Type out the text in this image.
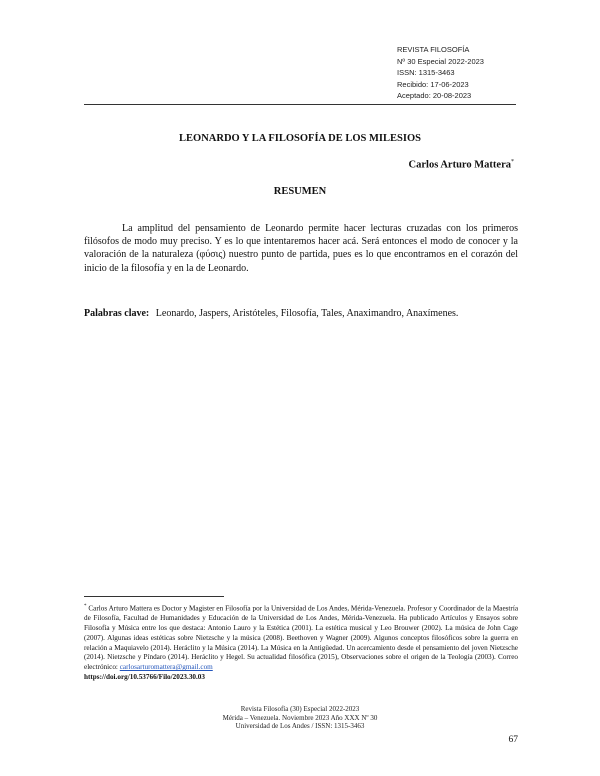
REVISTA FILOSOFÍA
Nº 30 Especial 2022-2023
ISSN: 1315-3463
Recibido: 17-06-2023
Aceptado: 20-08-2023
LEONARDO Y LA FILOSOFÍA DE LOS MILESIOS
Carlos Arturo Mattera*
RESUMEN

La amplitud del pensamiento de Leonardo permite hacer lecturas cruzadas con los primeros filósofos de modo muy preciso. Y es lo que intentaremos hacer acá. Será entonces el modo de conocer y la valoración de la naturaleza (φύσις) nuestro punto de partida, pues es lo que encontramos en el corazón del inicio de la filosofía y en la de Leonardo.

Palabras clave: Leonardo, Jaspers, Aristóteles, Filosofía, Tales, Anaximandro, Anaxímenes.

* Carlos Arturo Mattera es Doctor y Magister en Filosofía por la Universidad de Los Andes, Mérida-Venezuela. Profesor y Coordinador de la Maestría de Filosofía, Facultad de Humanidades y Educación de la Universidad de Los Andes, Mérida-Venezuela. Ha publicado Artículos y Ensayos sobre Filosofía y Música entre los que destaca: Antonio Lauro y la Estética (2001). La estética musical y Leo Brouwer (2002). La música de John Cage (2007). Algunas ideas estéticas sobre Nietzsche y la música (2008). Beethoven y Wagner (2009). Algunos conceptos filosóficos sobre la guerra en relación a Maquiavelo (2014). Heráclito y la Música (2014). La Música en la Antigüedad. Un acercamiento desde el pensamiento del joven Nietzsche (2014). Nietzsche y Píndaro (2014). Heráclito y Hegel. Su actualidad filosófica (2015), Observaciones sobre el origen de la Teología (2003). Correo electrónico: carlosarturomattera@gmail.com
https://doi.org/10.53766/Filo/2023.30.03

Revista Filosofía (30) Especial 2022-2023
Mérida – Venezuela. Noviembre 2023 Año XXX Nº 30
Universidad de Los Andes / ISSN: 1315-3463
67
